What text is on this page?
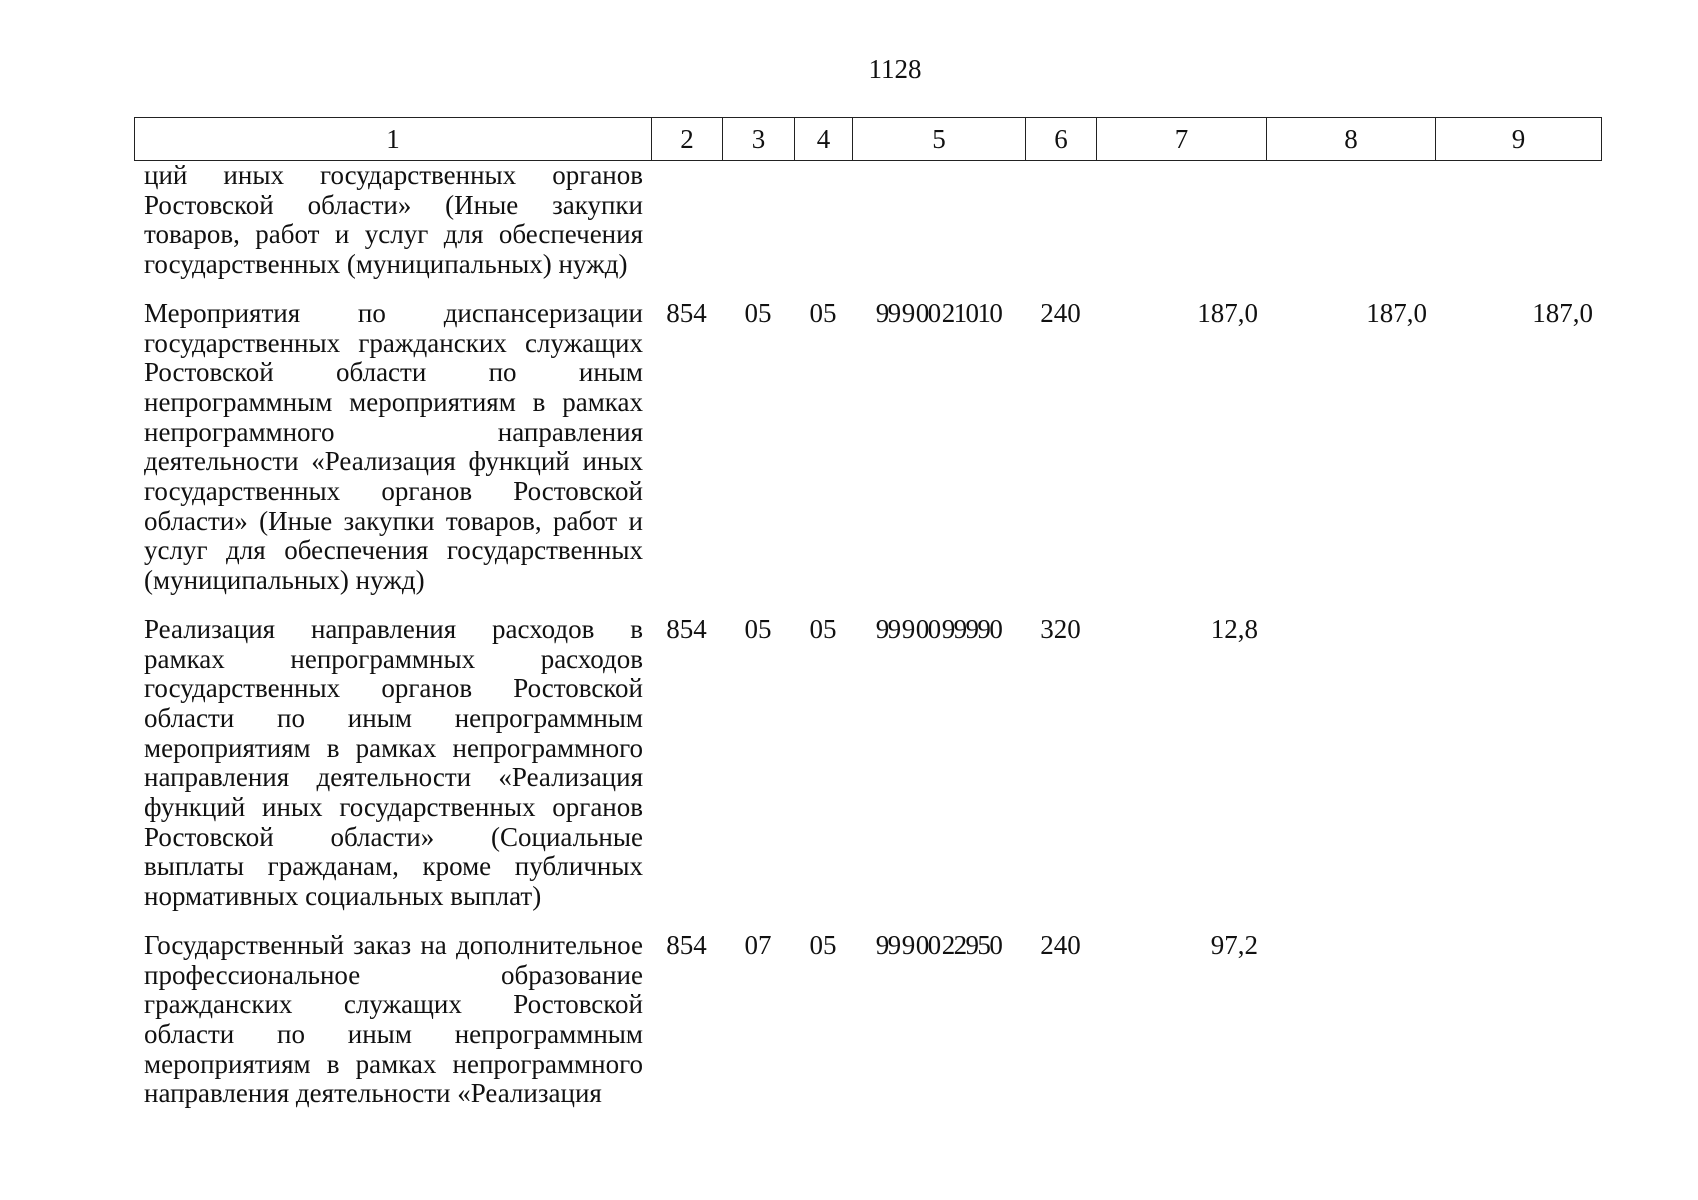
1128
1	2	3	4	5	6	7	8	9
ций иных государственных органов Ростовской области» (Иные закупки товаров, работ и услуг для обеспечения государственных (муниципальных) нужд)								
Мероприятия по диспансеризации государственных гражданских служащих Ростовской области по иным непрограммным мероприятиям в рамках непрограммного направления деятельности «Реализация функций иных государственных органов Ростовской области» (Иные закупки товаров, работ и услуг для обеспечения государственных (муниципальных) нужд)	854	05	05	99 9 00 21010	240	187,0	187,0	187,0
Реализация направления расходов в рамках непрограммных расходов государственных органов Ростовской области по иным непрограммным мероприятиям в рамках непрограммного направления деятельности «Реализация функций иных государственных органов Ростовской области» (Социальные выплаты гражданам, кроме публичных нормативных социальных выплат)	854	05	05	99 9 00 99990	320	12,8		
Государственный заказ на дополнительное профессиональное образование гражданских служащих Ростовской области по иным непрограммным мероприятиям в рамках непрограммного направления деятельности «Реализация	854	07	05	99 9 00 22950	240	97,2		
